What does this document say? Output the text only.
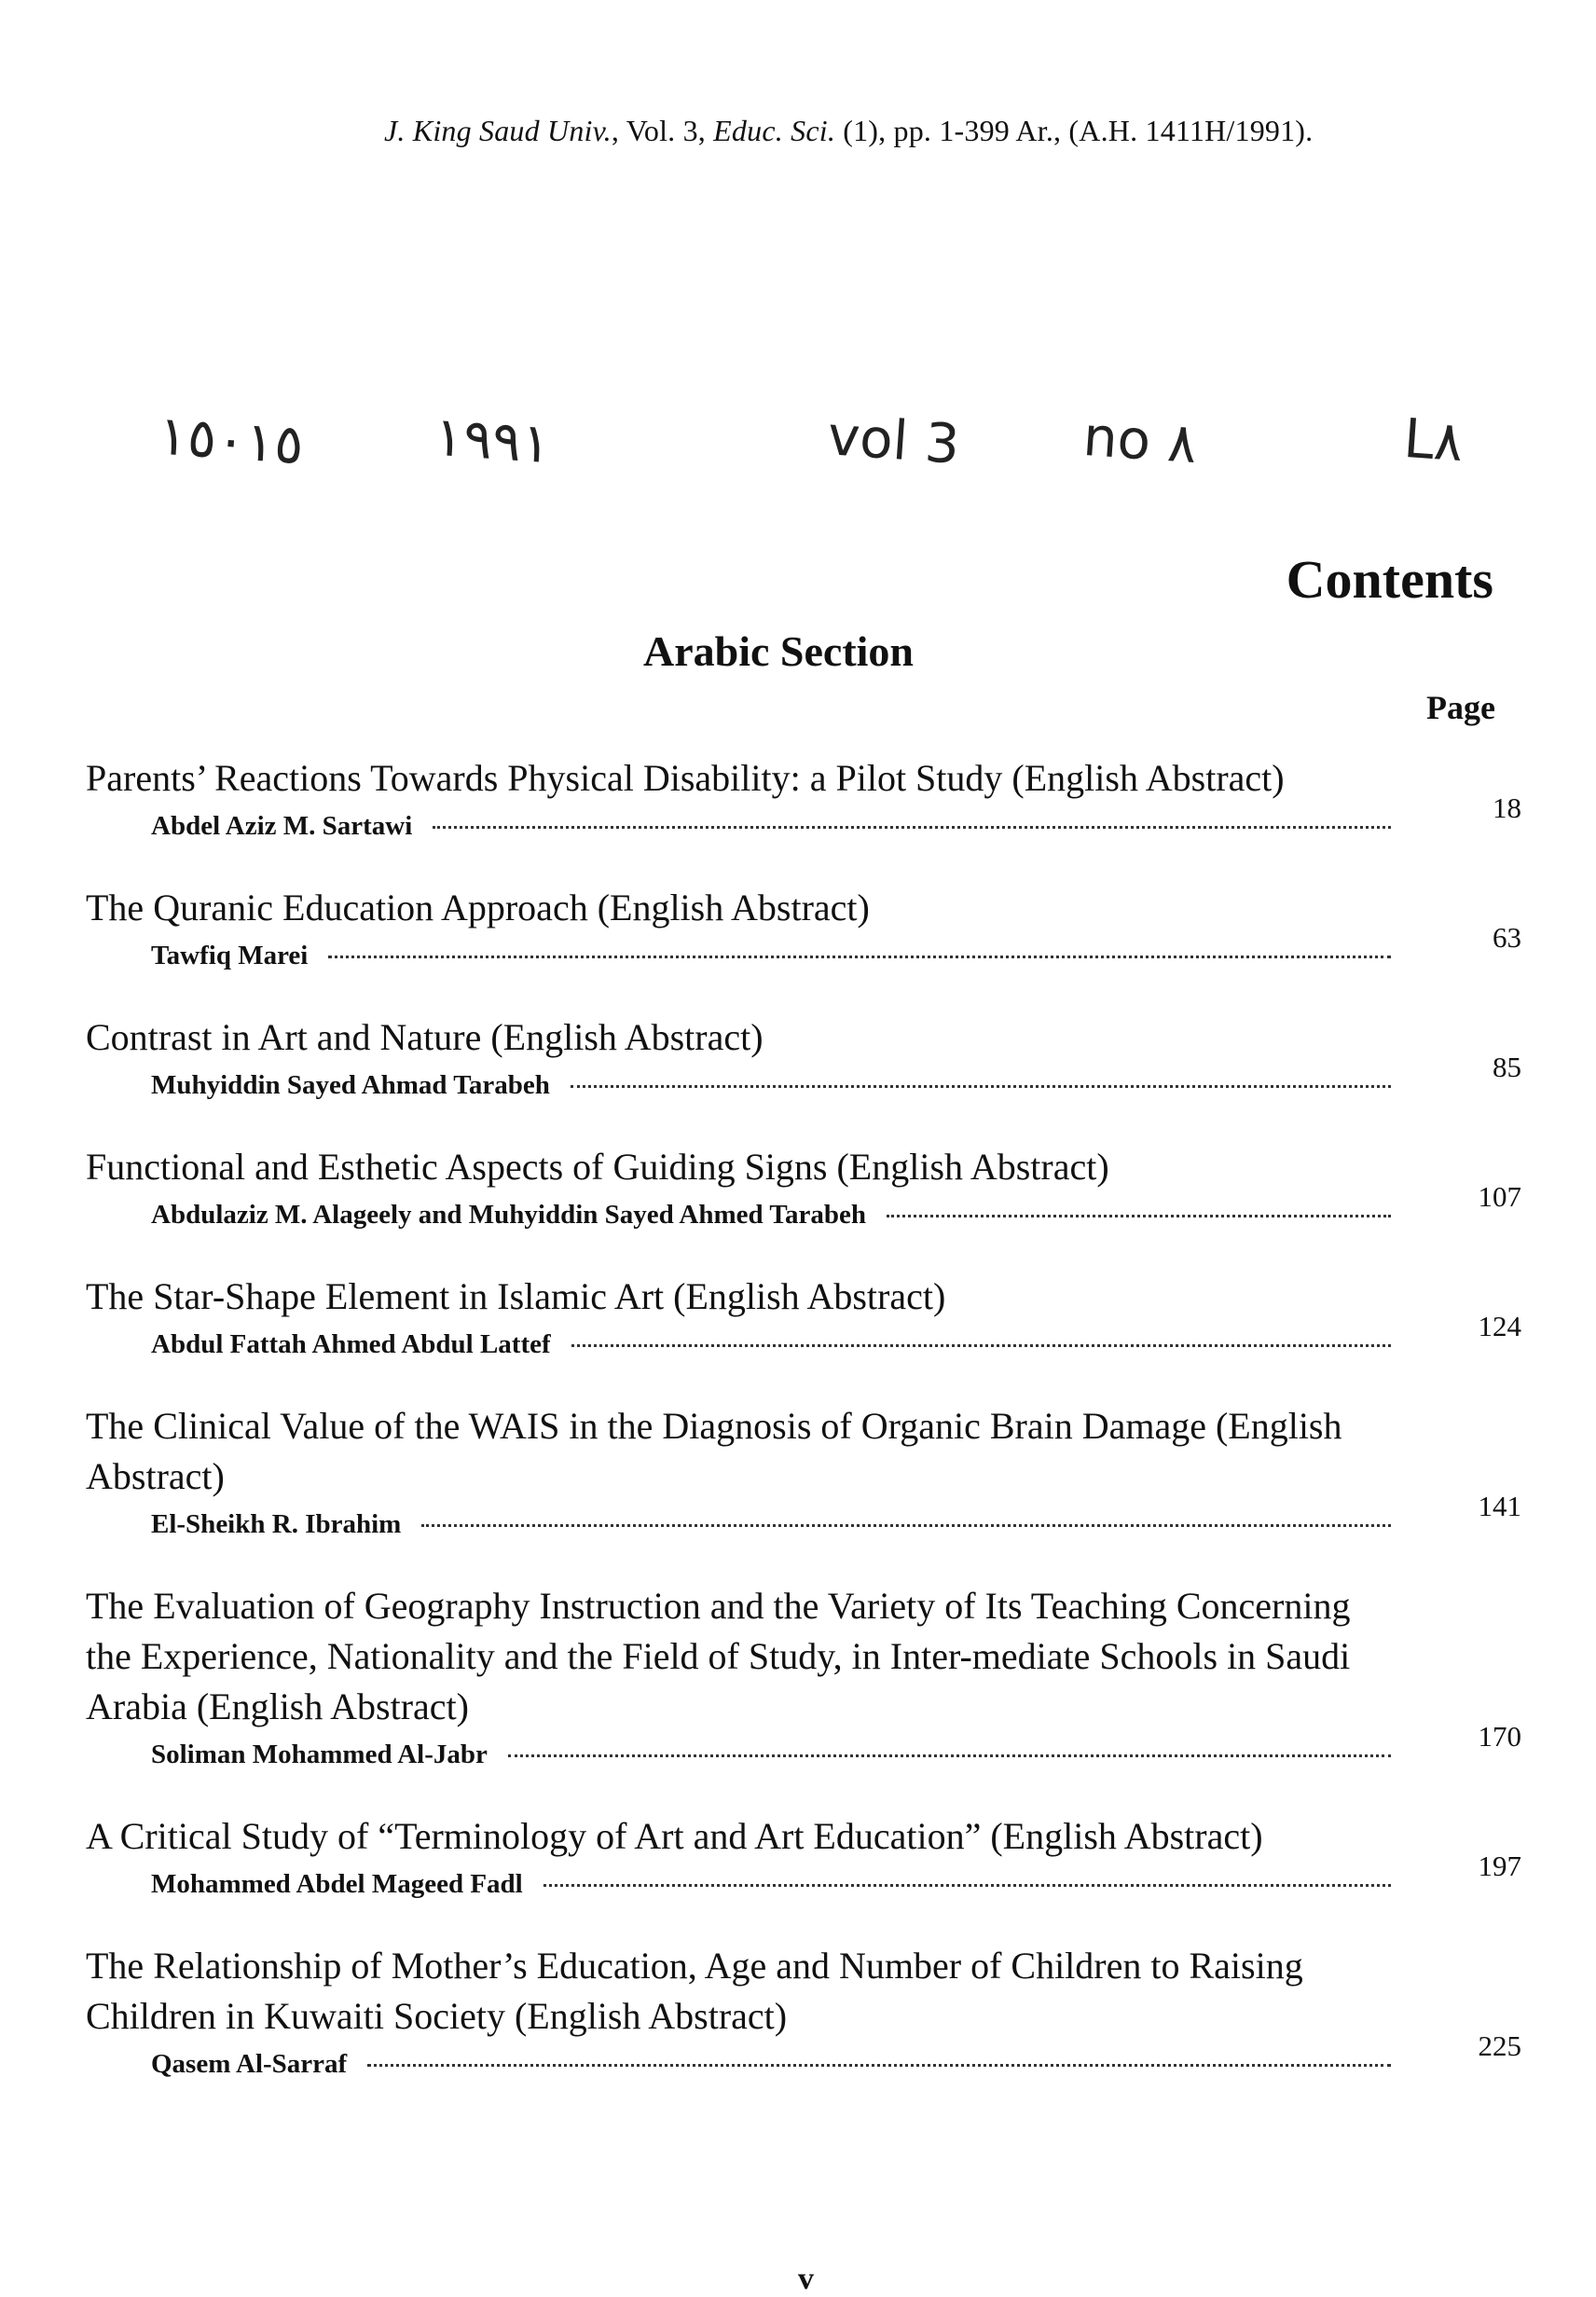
J. King Saud Univ., Vol. 3, Educ. Sci. (1), pp. 1-399 Ar., (A.H. 1411H/1991).
١٥٠١٥ ١٩٩١	vol 3 no ٨	L٨
Contents
Arabic Section
Page
Parents’ Reactions Towards Physical Disability: a Pilot Study (English Abstract)
Abdel Aziz M. Sartawi
18
The Quranic Education Approach (English Abstract)
Tawfiq Marei
63
Contrast in Art and Nature (English Abstract)
Muhyiddin Sayed Ahmad Tarabeh
85
Functional and Esthetic Aspects of Guiding Signs (English Abstract)
Abdulaziz M. Alageely and Muhyiddin Sayed Ahmed Tarabeh
107
The Star-Shape Element in Islamic Art (English Abstract)
Abdul Fattah Ahmed Abdul Lattef
124
The Clinical Value of the WAIS in the Diagnosis of Organic Brain Damage (English Abstract)
El-Sheikh R. Ibrahim
141
The Evaluation of Geography Instruction and the Variety of Its Teaching Concerning the Experience, Nationality and the Field of Study, in Inter-mediate Schools in Saudi Arabia (English Abstract)
Soliman Mohammed Al-Jabr
170
A Critical Study of “Terminology of Art and Art Education” (English Abstract)
Mohammed Abdel Mageed Fadl
197
The Relationship of Mother’s Education, Age and Number of Children to Raising Children in Kuwaiti Society (English Abstract)
Qasem Al-Sarraf
225
v
